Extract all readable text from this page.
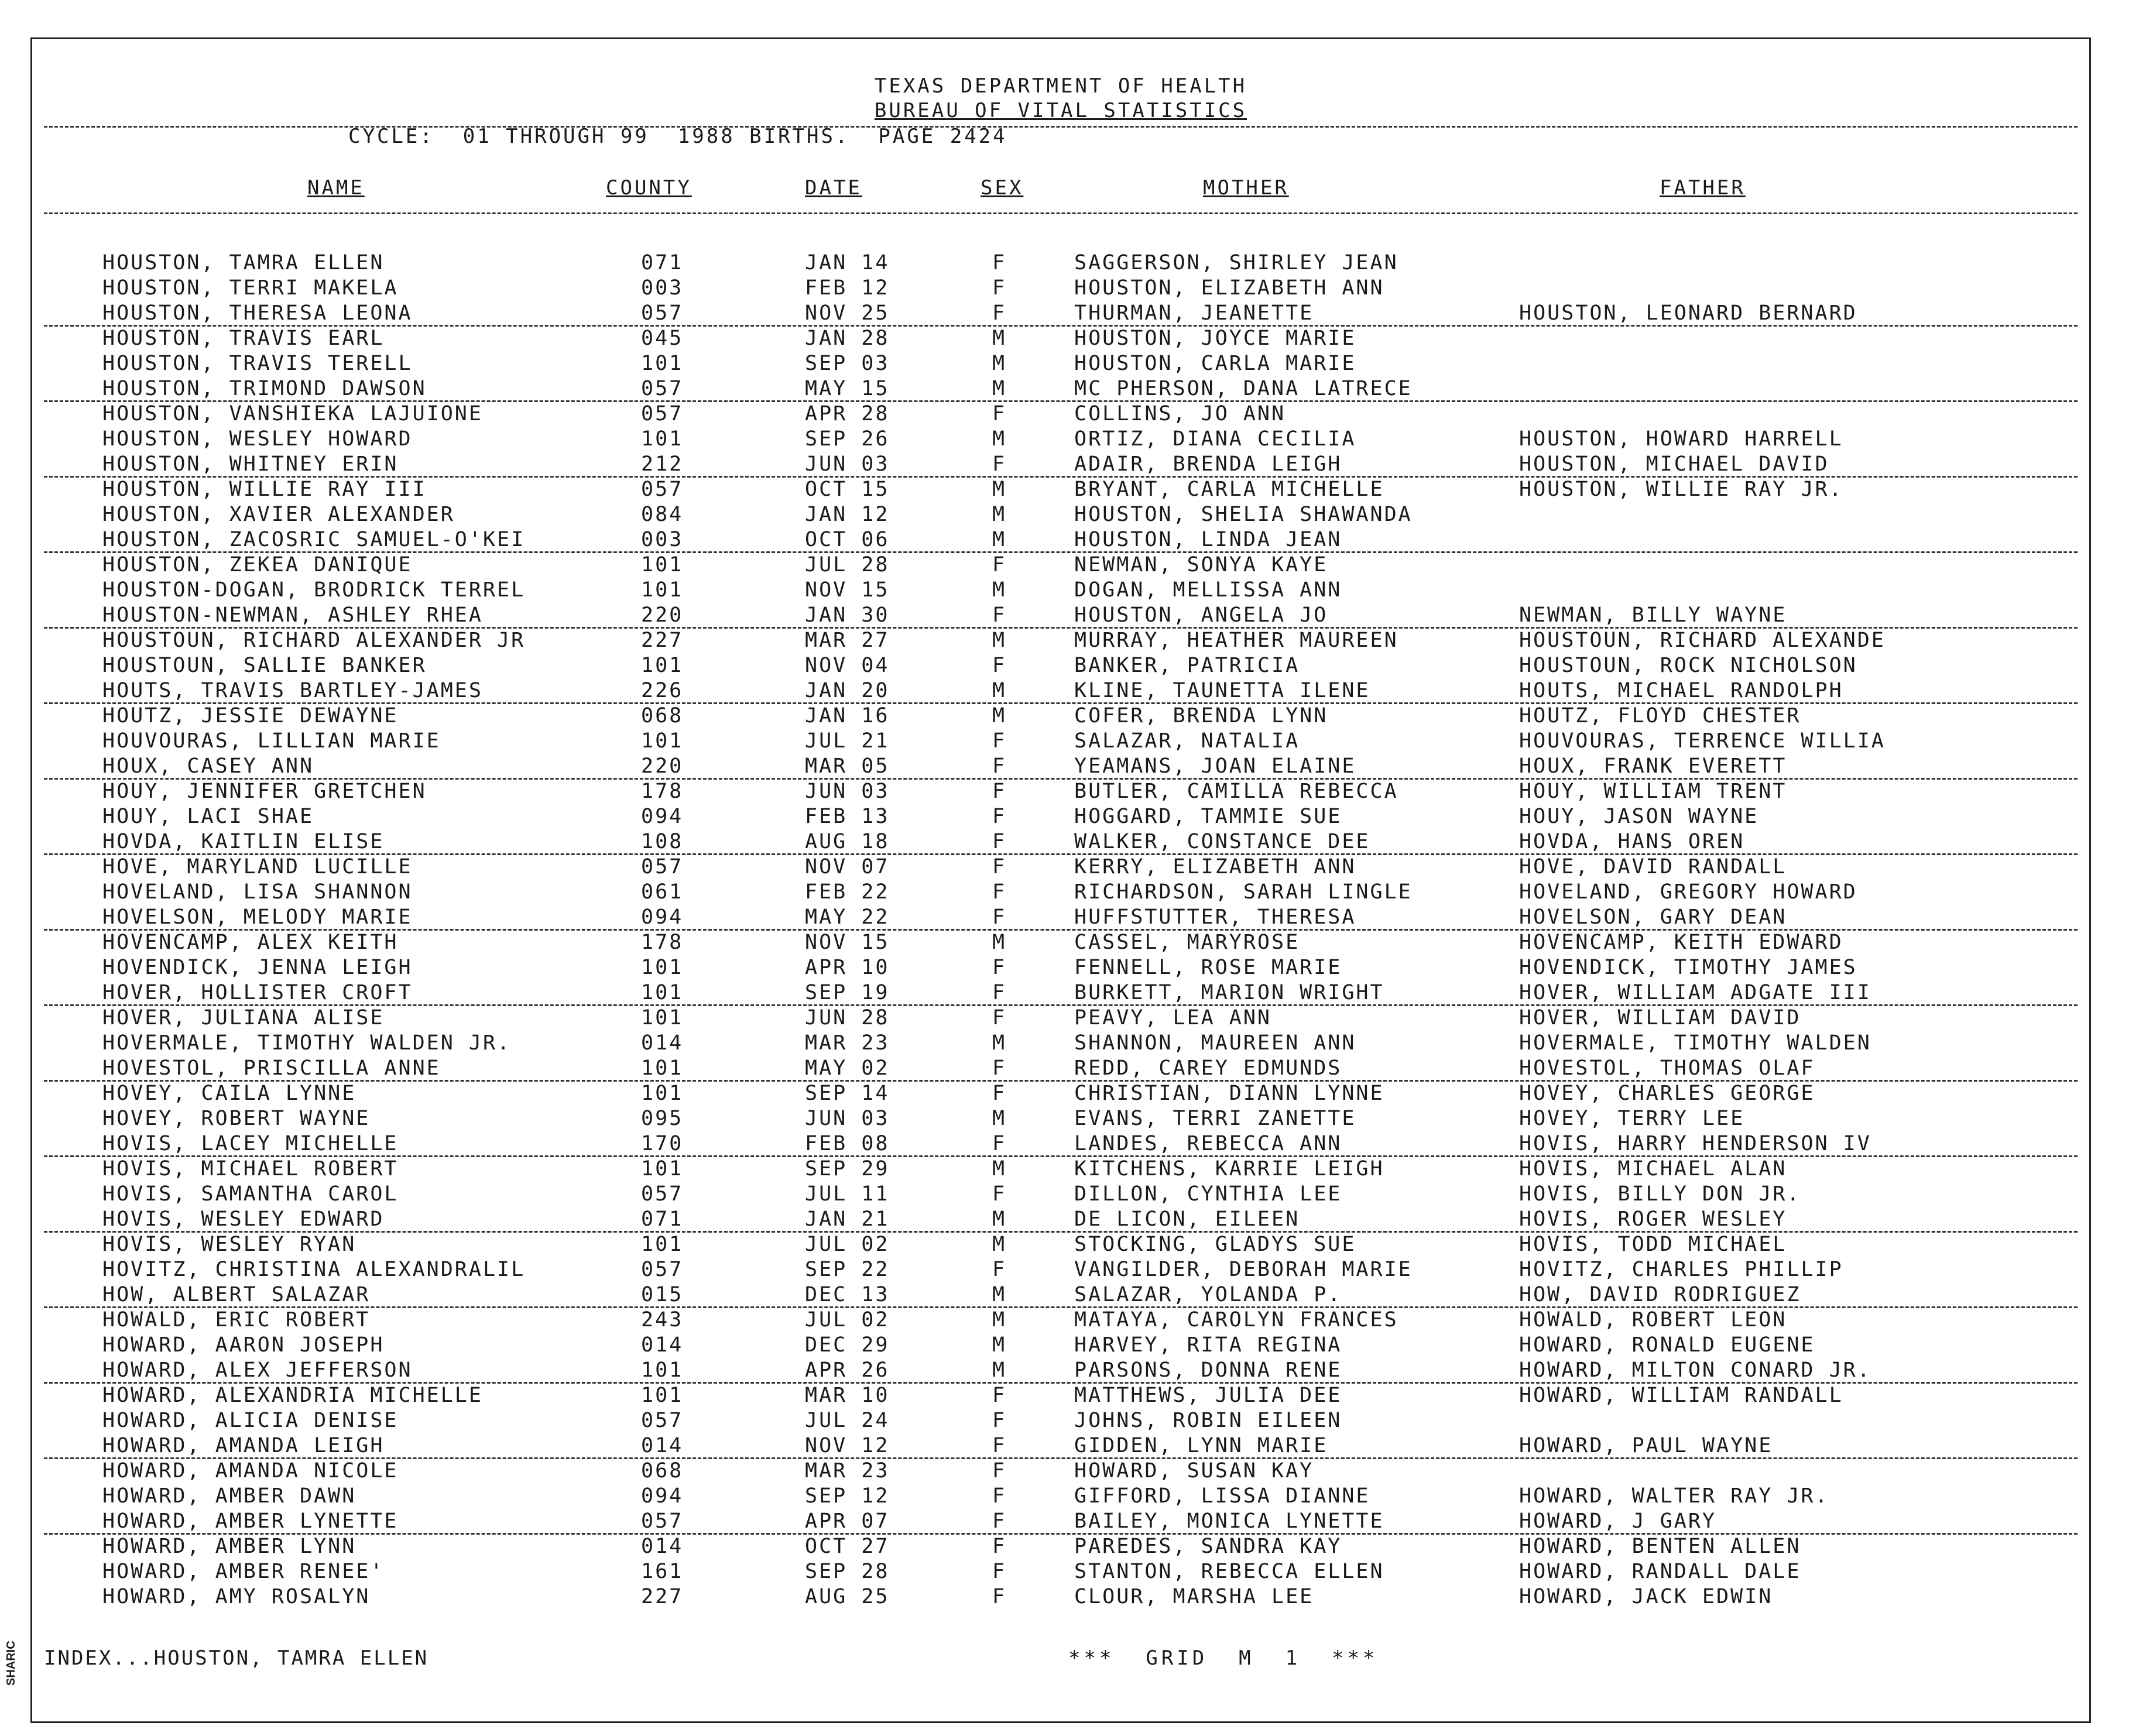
TEXAS DEPARTMENT OF HEALTH
BUREAU OF VITAL STATISTICS
CYCLE:  01 THROUGH 99  1988 BIRTHS.  PAGE 2424
NAME	COUNTY	DATE	SEX	MOTHER	FATHER
HOUSTON, TAMRA ELLEN	071	JAN 14	F	SAGGERSON, SHIRLEY JEAN
HOUSTON, TERRI MAKELA	003	FEB 12	F	HOUSTON, ELIZABETH ANN
HOUSTON, THERESA LEONA	057	NOV 25	F	THURMAN, JEANETTE	HOUSTON, LEONARD BERNARD
HOUSTON, TRAVIS EARL	045	JAN 28	M	HOUSTON, JOYCE MARIE
HOUSTON, TRAVIS TERELL	101	SEP 03	M	HOUSTON, CARLA MARIE
HOUSTON, TRIMOND DAWSON	057	MAY 15	M	MC PHERSON, DANA LATRECE
HOUSTON, VANSHIEKA LAJUIONE	057	APR 28	F	COLLINS, JO ANN
HOUSTON, WESLEY HOWARD	101	SEP 26	M	ORTIZ, DIANA CECILIA	HOUSTON, HOWARD HARRELL
HOUSTON, WHITNEY ERIN	212	JUN 03	F	ADAIR, BRENDA LEIGH	HOUSTON, MICHAEL DAVID
HOUSTON, WILLIE RAY III	057	OCT 15	M	BRYANT, CARLA MICHELLE	HOUSTON, WILLIE RAY JR.
HOUSTON, XAVIER ALEXANDER	084	JAN 12	M	HOUSTON, SHELIA SHAWANDA
HOUSTON, ZACOSRIC SAMUEL-O'KEI	003	OCT 06	M	HOUSTON, LINDA JEAN
HOUSTON, ZEKEA DANIQUE	101	JUL 28	F	NEWMAN, SONYA KAYE
HOUSTON-DOGAN, BRODRICK TERREL	101	NOV 15	M	DOGAN, MELLISSA ANN
HOUSTON-NEWMAN, ASHLEY RHEA	220	JAN 30	F	HOUSTON, ANGELA JO	NEWMAN, BILLY WAYNE
HOUSTOUN, RICHARD ALEXANDER JR	227	MAR 27	M	MURRAY, HEATHER MAUREEN	HOUSTOUN, RICHARD ALEXANDE
HOUSTOUN, SALLIE BANKER	101	NOV 04	F	BANKER, PATRICIA	HOUSTOUN, ROCK NICHOLSON
HOUTS, TRAVIS BARTLEY-JAMES	226	JAN 20	M	KLINE, TAUNETTA ILENE	HOUTS, MICHAEL RANDOLPH
HOUTZ, JESSIE DEWAYNE	068	JAN 16	M	COFER, BRENDA LYNN	HOUTZ, FLOYD CHESTER
HOUVOURAS, LILLIAN MARIE	101	JUL 21	F	SALAZAR, NATALIA	HOUVOURAS, TERRENCE WILLIA
HOUX, CASEY ANN	220	MAR 05	F	YEAMANS, JOAN ELAINE	HOUX, FRANK EVERETT
HOUY, JENNIFER GRETCHEN	178	JUN 03	F	BUTLER, CAMILLA REBECCA	HOUY, WILLIAM TRENT
HOUY, LACI SHAE	094	FEB 13	F	HOGGARD, TAMMIE SUE	HOUY, JASON WAYNE
HOVDA, KAITLIN ELISE	108	AUG 18	F	WALKER, CONSTANCE DEE	HOVDA, HANS OREN
HOVE, MARYLAND LUCILLE	057	NOV 07	F	KERRY, ELIZABETH ANN	HOVE, DAVID RANDALL
HOVELAND, LISA SHANNON	061	FEB 22	F	RICHARDSON, SARAH LINGLE	HOVELAND, GREGORY HOWARD
HOVELSON, MELODY MARIE	094	MAY 22	F	HUFFSTUTTER, THERESA	HOVELSON, GARY DEAN
HOVENCAMP, ALEX KEITH	178	NOV 15	M	CASSEL, MARYROSE	HOVENCAMP, KEITH EDWARD
HOVENDICK, JENNA LEIGH	101	APR 10	F	FENNELL, ROSE MARIE	HOVENDICK, TIMOTHY JAMES
HOVER, HOLLISTER CROFT	101	SEP 19	F	BURKETT, MARION WRIGHT	HOVER, WILLIAM ADGATE III
HOVER, JULIANA ALISE	101	JUN 28	F	PEAVY, LEA ANN	HOVER, WILLIAM DAVID
HOVERMALE, TIMOTHY WALDEN JR.	014	MAR 23	M	SHANNON, MAUREEN ANN	HOVERMALE, TIMOTHY WALDEN
HOVESTOL, PRISCILLA ANNE	101	MAY 02	F	REDD, CAREY EDMUNDS	HOVESTOL, THOMAS OLAF
HOVEY, CAILA LYNNE	101	SEP 14	F	CHRISTIAN, DIANN LYNNE	HOVEY, CHARLES GEORGE
HOVEY, ROBERT WAYNE	095	JUN 03	M	EVANS, TERRI ZANETTE	HOVEY, TERRY LEE
HOVIS, LACEY MICHELLE	170	FEB 08	F	LANDES, REBECCA ANN	HOVIS, HARRY HENDERSON IV
HOVIS, MICHAEL ROBERT	101	SEP 29	M	KITCHENS, KARRIE LEIGH	HOVIS, MICHAEL ALAN
HOVIS, SAMANTHA CAROL	057	JUL 11	F	DILLON, CYNTHIA LEE	HOVIS, BILLY DON JR.
HOVIS, WESLEY EDWARD	071	JAN 21	M	DE LICON, EILEEN	HOVIS, ROGER WESLEY
HOVIS, WESLEY RYAN	101	JUL 02	M	STOCKING, GLADYS SUE	HOVIS, TODD MICHAEL
HOVITZ, CHRISTINA ALEXANDRALIL	057	SEP 22	F	VANGILDER, DEBORAH MARIE	HOVITZ, CHARLES PHILLIP
HOW, ALBERT SALAZAR	015	DEC 13	M	SALAZAR, YOLANDA P.	HOW, DAVID RODRIGUEZ
HOWALD, ERIC ROBERT	243	JUL 02	M	MATAYA, CAROLYN FRANCES	HOWALD, ROBERT LEON
HOWARD, AARON JOSEPH	014	DEC 29	M	HARVEY, RITA REGINA	HOWARD, RONALD EUGENE
HOWARD, ALEX JEFFERSON	101	APR 26	M	PARSONS, DONNA RENE	HOWARD, MILTON CONARD JR.
HOWARD, ALEXANDRIA MICHELLE	101	MAR 10	F	MATTHEWS, JULIA DEE	HOWARD, WILLIAM RANDALL
HOWARD, ALICIA DENISE	057	JUL 24	F	JOHNS, ROBIN EILEEN
HOWARD, AMANDA LEIGH	014	NOV 12	F	GIDDEN, LYNN MARIE	HOWARD, PAUL WAYNE
HOWARD, AMANDA NICOLE	068	MAR 23	F	HOWARD, SUSAN KAY
HOWARD, AMBER DAWN	094	SEP 12	F	GIFFORD, LISSA DIANNE	HOWARD, WALTER RAY JR.
HOWARD, AMBER LYNETTE	057	APR 07	F	BAILEY, MONICA LYNETTE	HOWARD, J GARY
HOWARD, AMBER LYNN	014	OCT 27	F	PAREDES, SANDRA KAY	HOWARD, BENTEN ALLEN
HOWARD, AMBER RENEE'	161	SEP 28	F	STANTON, REBECCA ELLEN	HOWARD, RANDALL DALE
HOWARD, AMY ROSALYN	227	AUG 25	F	CLOUR, MARSHA LEE	HOWARD, JACK EDWIN
INDEX...HOUSTON, TAMRA ELLEN	***  GRID  M  1  ***
SHARIC
